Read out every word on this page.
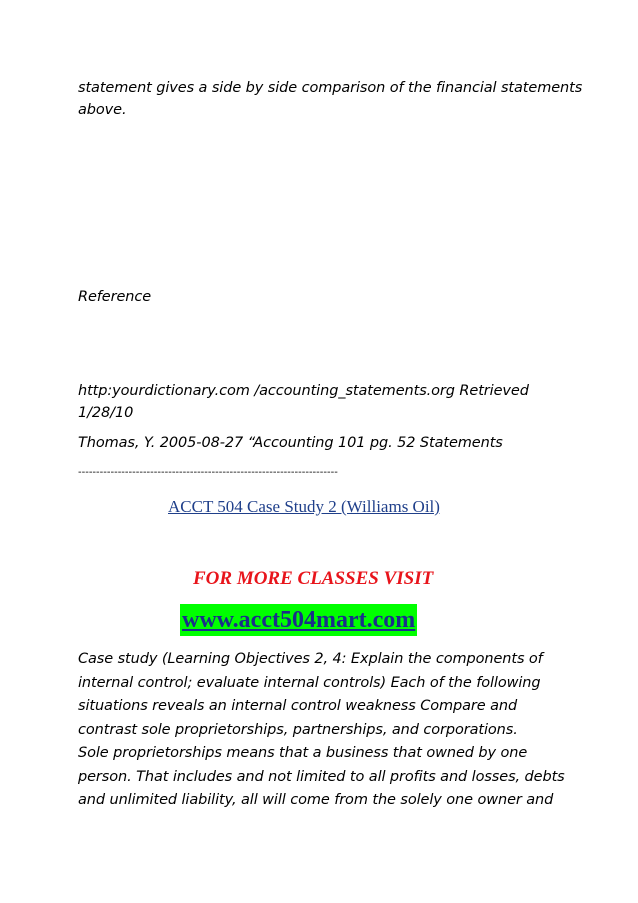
statement gives a side by side comparison of the financial statements
above.
Reference
http:yourdictionary.com /accounting_statements.org Retrieved
1/28/10
Thomas, Y. 2005-08-27 “Accounting 101 pg. 52 Statements
------------------------------------------------------------------------
ACCT 504 Case Study 2 (Williams Oil)
FOR MORE CLASSES VISIT
www.acct504mart.com
Case study (Learning Objectives 2, 4: Explain the components of
internal control; evaluate internal controls) Each of the following
situations reveals an internal control weakness Compare and
contrast sole proprietorships, partnerships, and corporations.
Sole proprietorships means that a business that owned by one
person. That includes and not limited to all profits and losses, debts
and unlimited liability, all will come from the solely one owner and
